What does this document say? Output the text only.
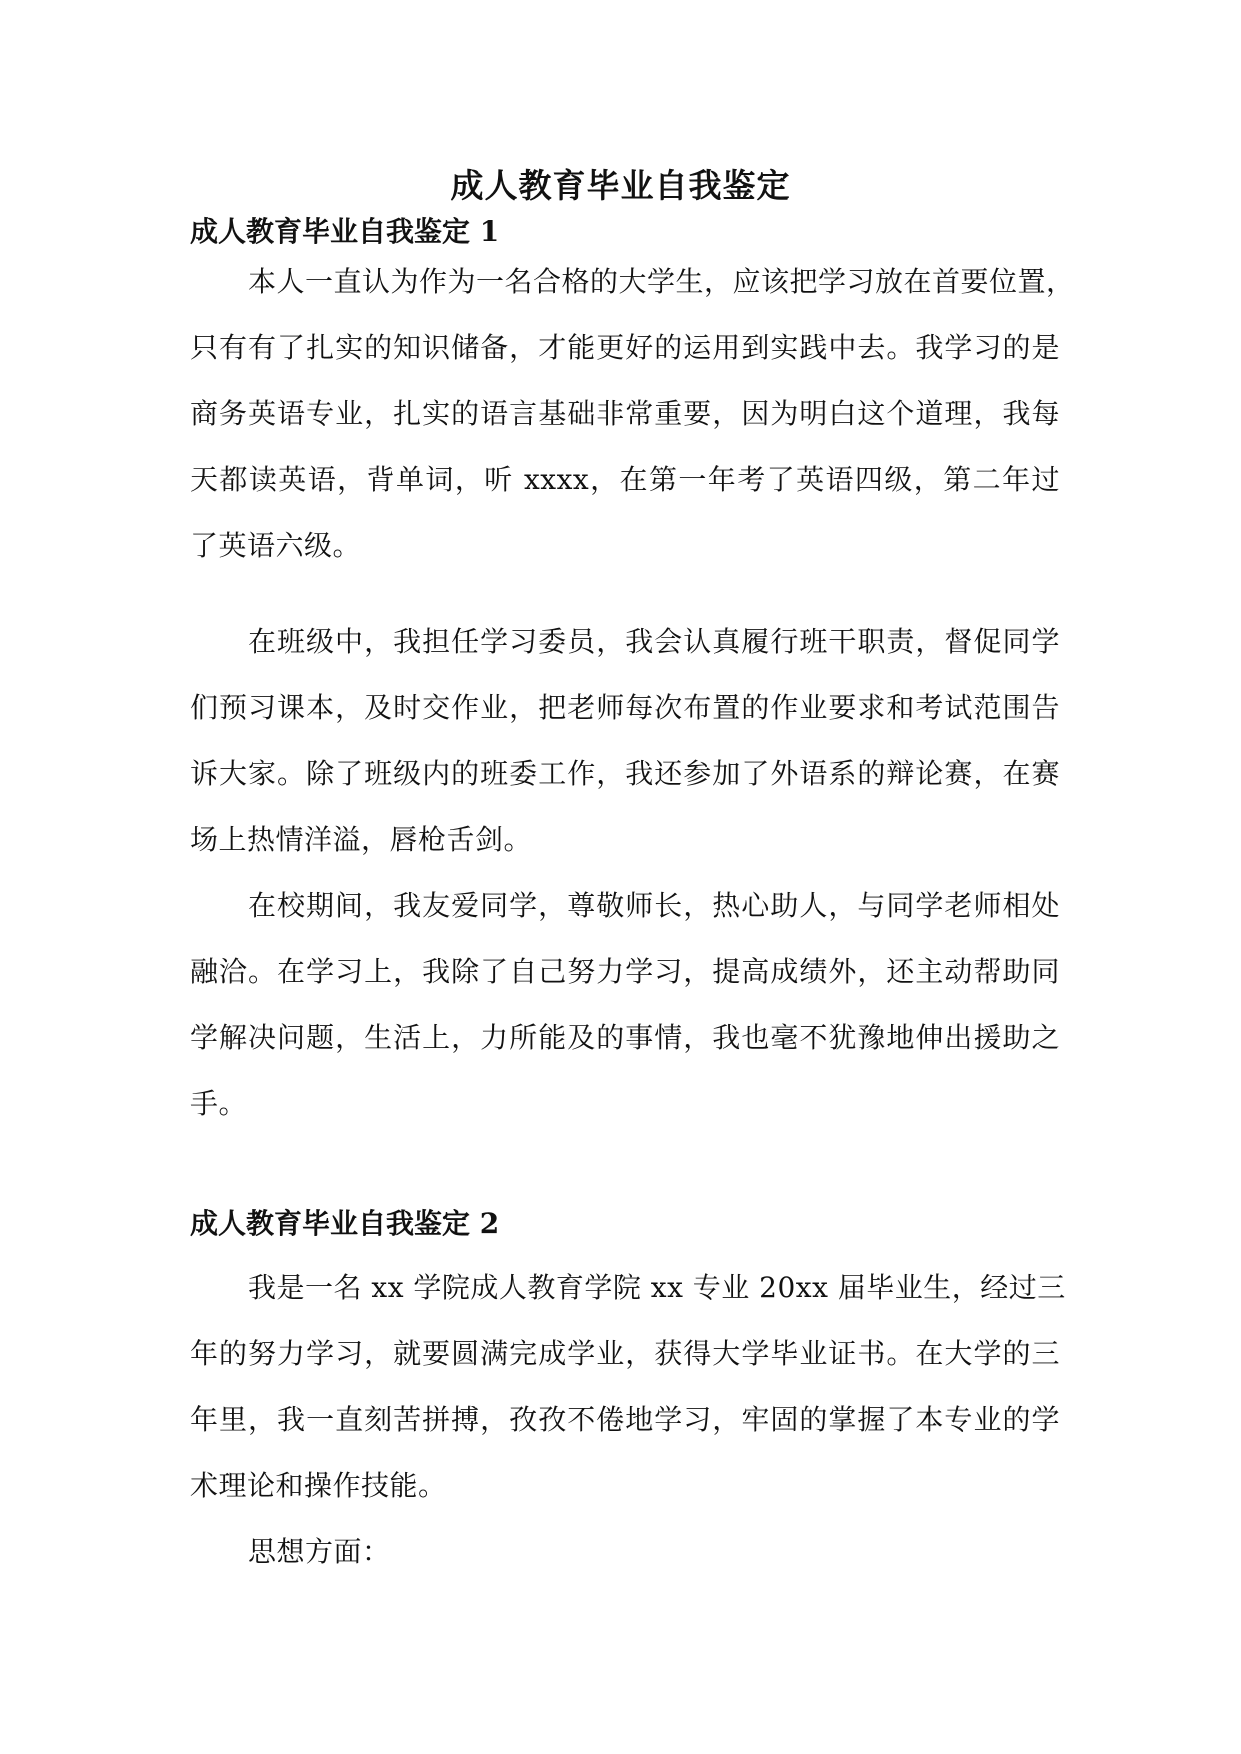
成人教育毕业自我鉴定
成人教育毕业自我鉴定 1

本人一直认为作为一名合格的大学生，应该把学习放在首要位置，
只有有了扎实的知识储备，才能更好的运用到实践中去。我学习的是
商务英语专业，扎实的语言基础非常重要，因为明白这个道理，我每
天都读英语，背单词，听 xxxx，在第一年考了英语四级，第二年过
了英语六级。

在班级中，我担任学习委员，我会认真履行班干职责，督促同学
们预习课本，及时交作业，把老师每次布置的作业要求和考试范围告
诉大家。除了班级内的班委工作，我还参加了外语系的辩论赛，在赛
场上热情洋溢，唇枪舌剑。

在校期间，我友爱同学，尊敬师长，热心助人，与同学老师相处
融洽。在学习上，我除了自己努力学习，提高成绩外，还主动帮助同
学解决问题，生活上，力所能及的事情，我也毫不犹豫地伸出援助之
手。

成人教育毕业自我鉴定 2

我是一名 xx 学院成人教育学院 xx 专业 20xx 届毕业生，经过三
年的努力学习，就要圆满完成学业，获得大学毕业证书。在大学的三
年里，我一直刻苦拼搏，孜孜不倦地学习，牢固的掌握了本专业的学
术理论和操作技能。

思想方面：
